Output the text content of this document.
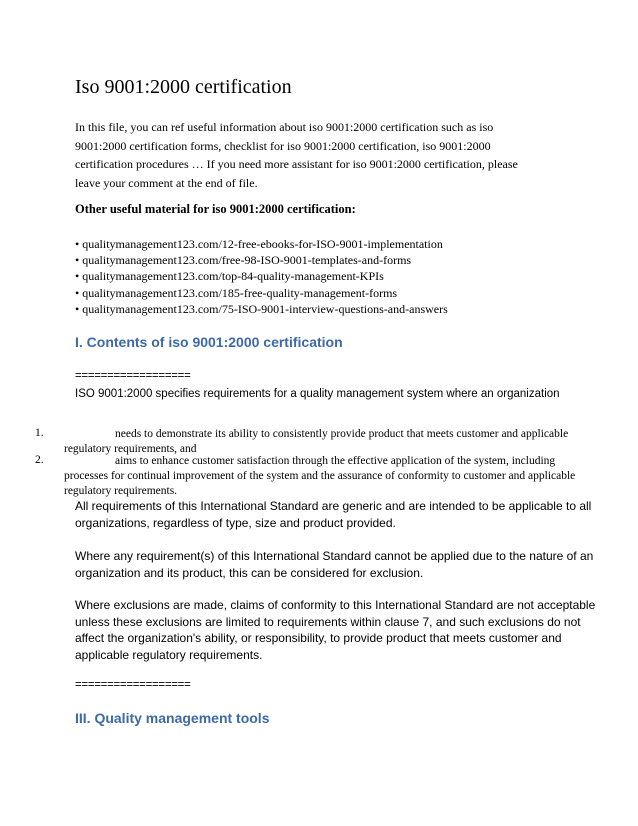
Iso 9001:2000 certification

In this file, you can ref useful information about iso 9001:2000 certification such as iso

9001:2000 certification forms, checklist for iso 9001:2000 certification, iso 9001:2000

certification procedures … If you need more assistant for iso 9001:2000 certification, please

leave your comment at the end of file.

Other useful material for iso 9001:2000 certification:
• qualitymanagement123.com/12-free-ebooks-for-ISO-9001-implementation
• qualitymanagement123.com/free-98-ISO-9001-templates-and-forms
• qualitymanagement123.com/top-84-quality-management-KPIs
• qualitymanagement123.com/185-free-quality-management-forms
• qualitymanagement123.com/75-ISO-9001-interview-questions-and-answers
I. Contents of iso 9001:2000 certification
==================
ISO 9001:2000 specifies requirements for a quality management system where an organization
1.	needs to demonstrate its ability to consistently provide product that meets customer and applicable
regulatory requirements, and
2.	aims to enhance customer satisfaction through the effective application of the system, including
processes for continual improvement of the system and the assurance of conformity to customer and applicable
regulatory requirements.

All requirements of this International Standard are generic and are intended to be applicable to all

organizations, regardless of type, size and product provided.

Where any requirement(s) of this International Standard cannot be applied due to the nature of an

organization and its product, this can be considered for exclusion.

Where exclusions are made, claims of conformity to this International Standard are not acceptable

unless these exclusions are limited to requirements within clause 7, and such exclusions do not

affect the organization's ability, or responsibility, to provide product that meets customer and

applicable regulatory requirements.

==================
III. Quality management tools
